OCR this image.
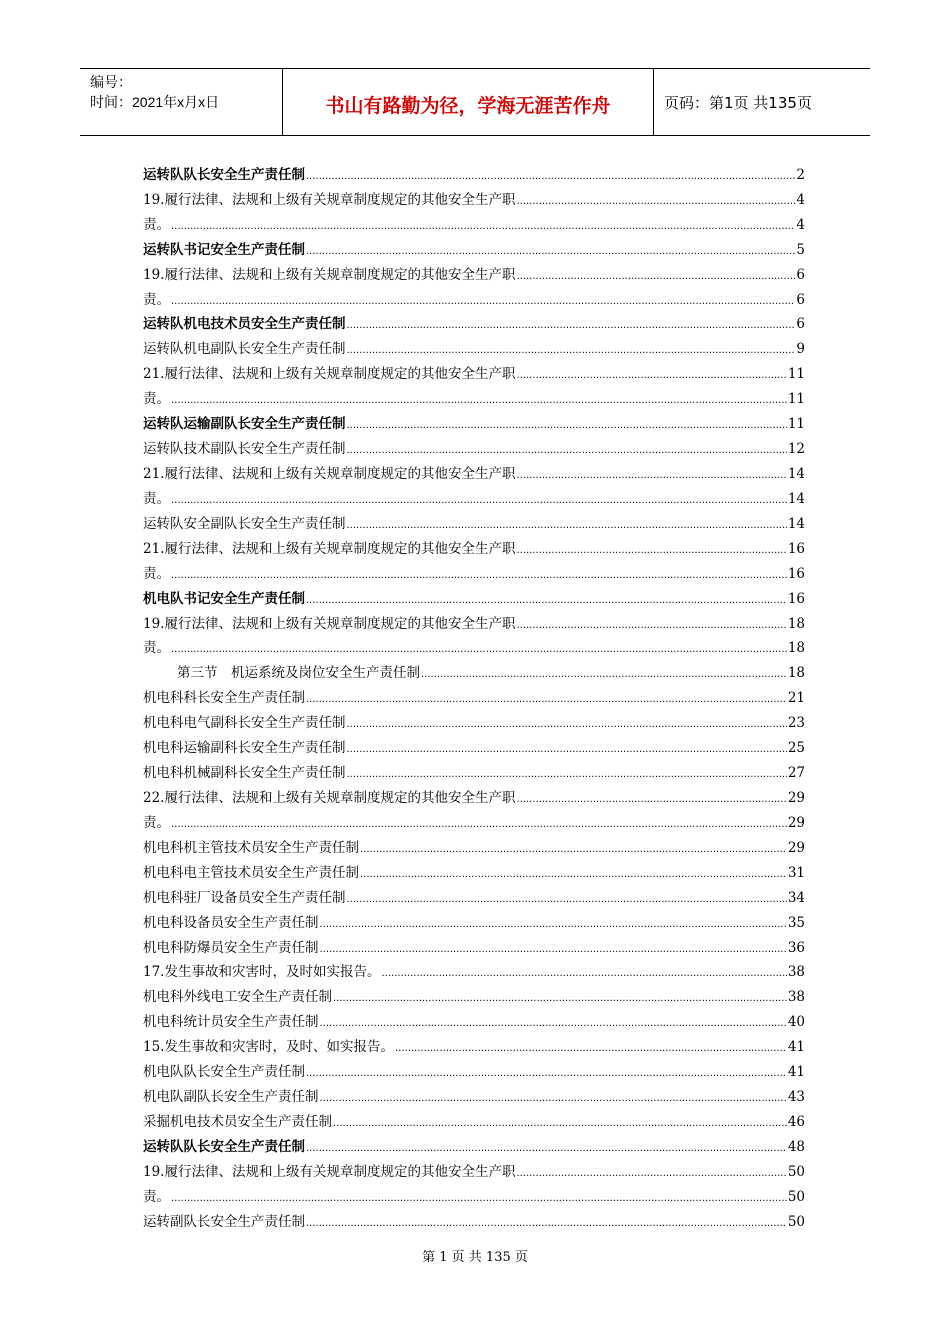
编号：
时间：2021年x月x日	书山有路勤为径，学海无涯苦作舟	页码：第1页 共135页
运转队队长安全生产责任制 .....	2
19.履行法律、法规和上级有关规章制度规定的其他安全生产职 .....	4
责。 .....	4
运转队书记安全生产责任制 .....	5
19.履行法律、法规和上级有关规章制度规定的其他安全生产职 .....	6
责。 .....	6
运转队机电技术员安全生产责任制 .....	6
运转队机电副队长安全生产责任制 .....	9
21.履行法律、法规和上级有关规章制度规定的其他安全生产职 .....	11
责。 .....	11
运转队运输副队长安全生产责任制 .....	11
运转队技术副队长安全生产责任制 .....	12
21.履行法律、法规和上级有关规章制度规定的其他安全生产职 .....	14
责。 .....	14
运转队安全副队长安全生产责任制 .....	14
21.履行法律、法规和上级有关规章制度规定的其他安全生产职 .....	16
责。 .....	16
机电队书记安全生产责任制 .....	16
19.履行法律、法规和上级有关规章制度规定的其他安全生产职 .....	18
责。 .....	18
第三节　机运系统及岗位安全生产责任制 .....	18
机电科科长安全生产责任制 .....	21
机电科电气副科长安全生产责任制 .....	23
机电科运输副科长安全生产责任制 .....	25
机电科机械副科长安全生产责任制 .....	27
22.履行法律、法规和上级有关规章制度规定的其他安全生产职 .....	29
责。 .....	29
机电科机主管技术员安全生产责任制 .....	29
机电科电主管技术员安全生产责任制 .....	31
机电科驻厂设备员安全生产责任制 .....	34
机电科设备员安全生产责任制 .....	35
机电科防爆员安全生产责任制 .....	36
17.发生事故和灾害时，及时如实报告。 .....	38
机电科外线电工安全生产责任制 .....	38
机电科统计员安全生产责任制 .....	40
15.发生事故和灾害时，及时、如实报告。 .....	41
机电队队长安全生产责任制 .....	41
机电队副队长安全生产责任制 .....	43
采掘机电技术员安全生产责任制 .....	46
运转队队长安全生产责任制 .....	48
19.履行法律、法规和上级有关规章制度规定的其他安全生产职 .....	50
责。 .....	50
运转副队长安全生产责任制 .....	50
第 1 页 共 135 页
